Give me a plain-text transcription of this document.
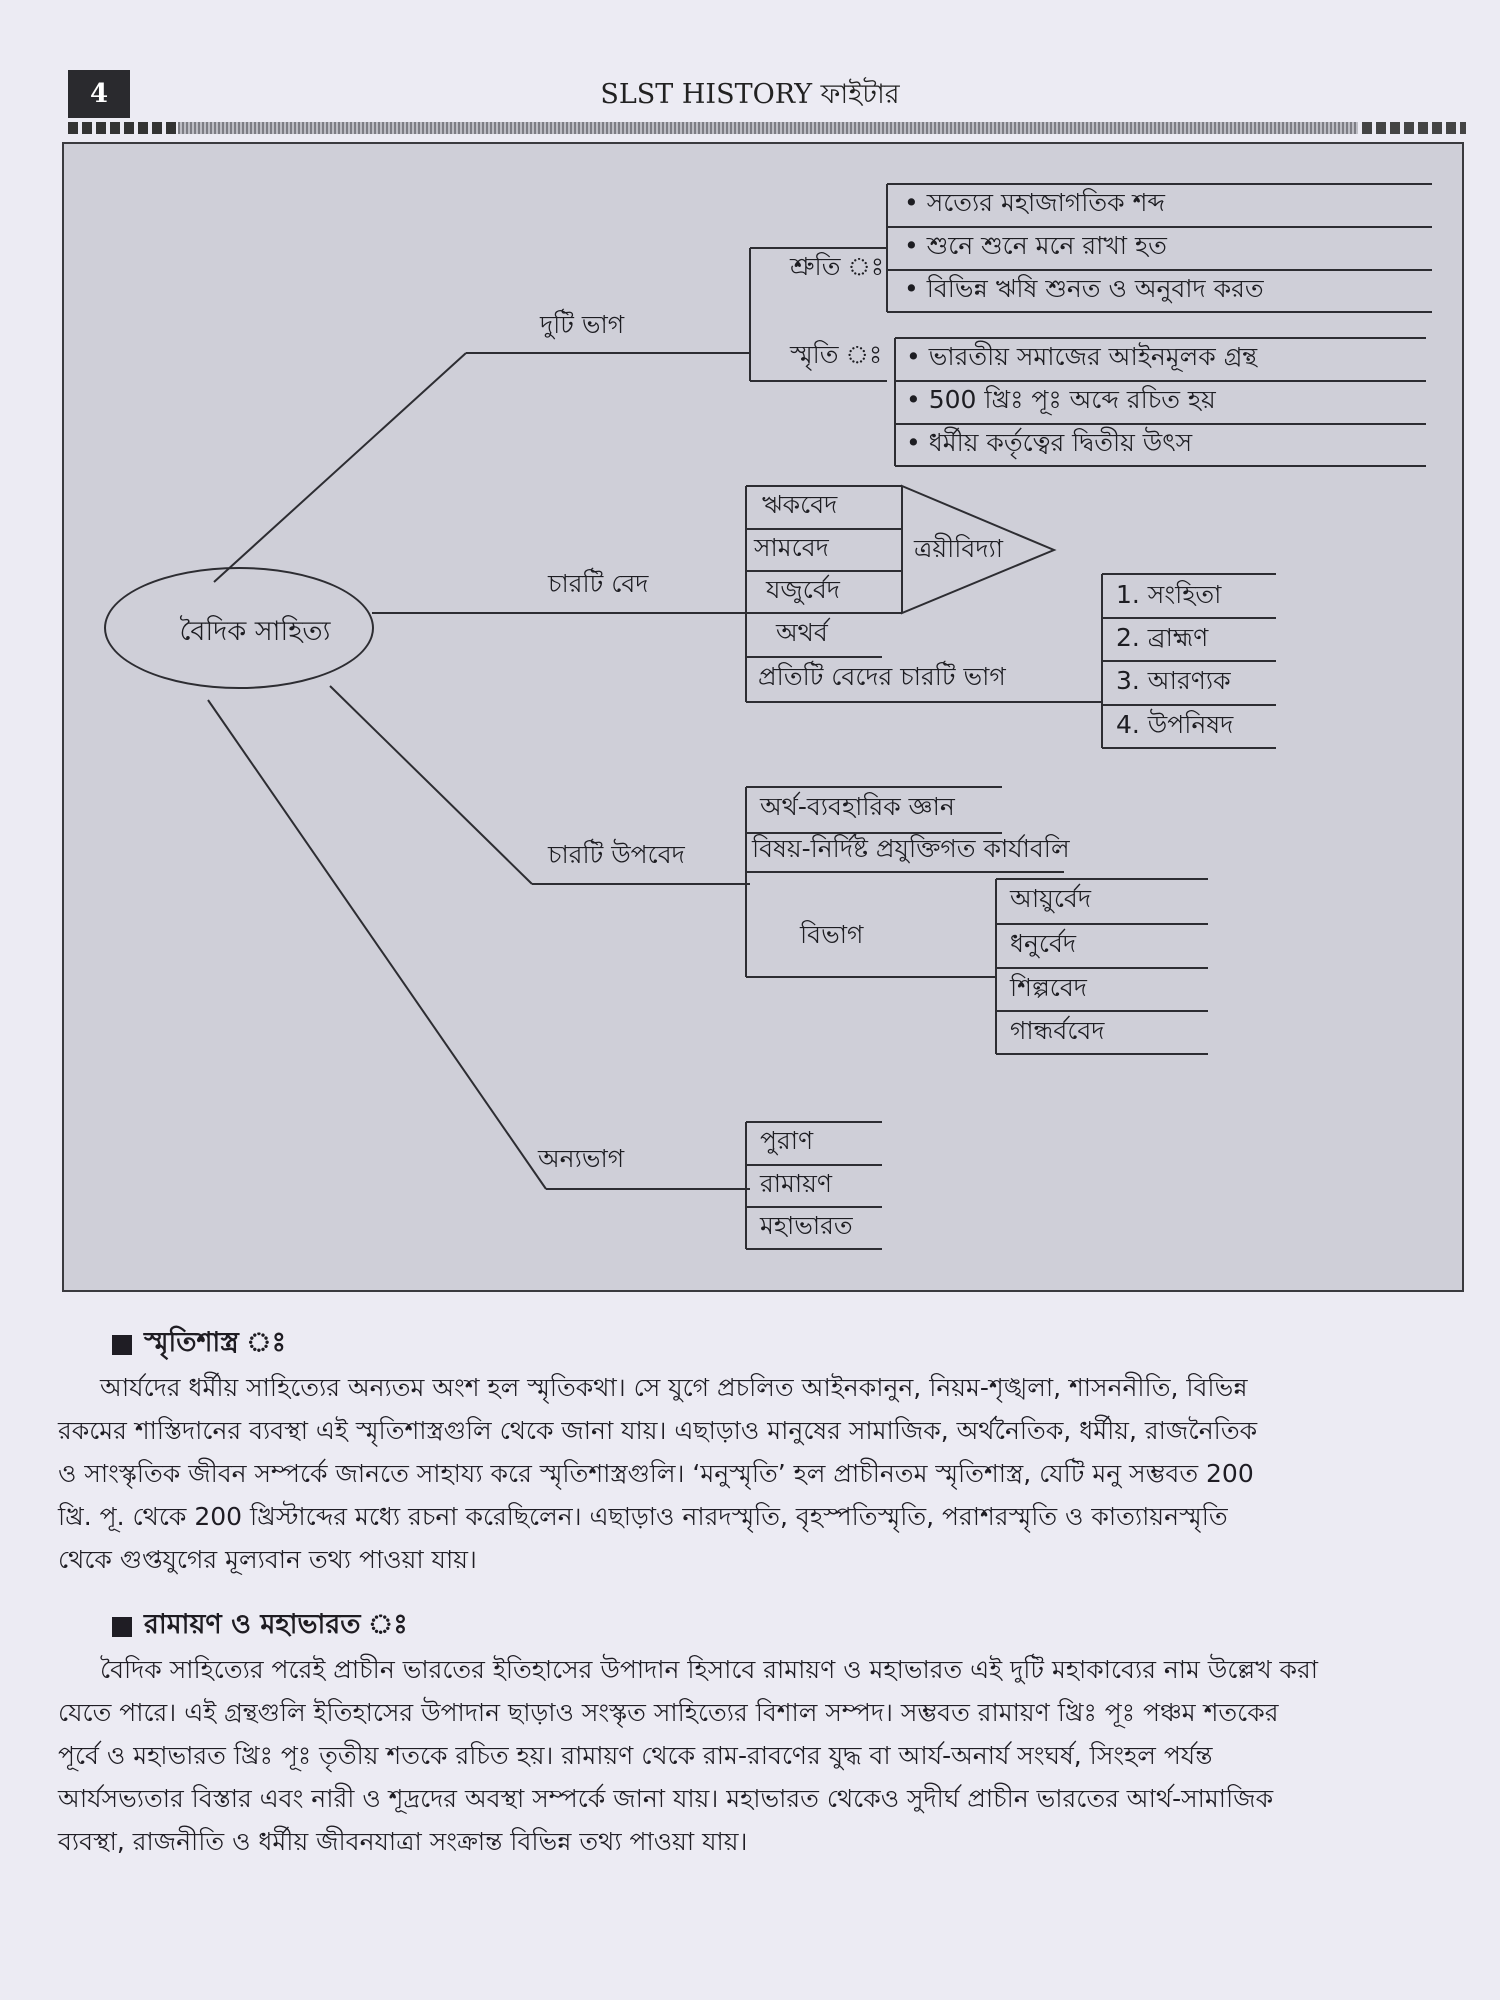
4	SLST HISTORY ফাইটার
বৈদিক সাহিত্য
দুটি ভাগ
শ্রুতি ঃ
• সত্যের মহাজাগতিক শব্দ
• শুনে শুনে মনে রাখা হত
• বিভিন্ন ঋষি শুনত ও অনুবাদ করত
স্মৃতি ঃ • ভারতীয় সমাজের আইনমূলক গ্রন্থ
• 500 খ্রিঃ পূঃ অব্দে রচিত হয়
• ধর্মীয় কর্তৃত্বের দ্বিতীয় উৎস
চারটি বেদ
ঋকবেদ
সামবেদ
যজুর্বেদ
অথর্ব
ত্রয়ীবিদ্যা
প্রতিটি বেদের চারটি ভাগ
1. সংহিতা
2. ব্রাহ্মণ
3. আরণ্যক
4. উপনিষদ
চারটি উপবেদ
অর্থ-ব্যবহারিক জ্ঞান
বিষয়-নির্দিষ্ট প্রযুক্তিগত কার্যাবলি
বিভাগ
আয়ুর্বেদ
ধনুর্বেদ
শিল্পবেদ
গান্ধর্ববেদ
অন্যভাগ
পুরাণ
রামায়ণ
মহাভারত
স্মৃতিশাস্ত্র ঃ
আর্যদের ধর্মীয় সাহিত্যের অন্যতম অংশ হল স্মৃতিকথা। সে যুগে প্রচলিত আইনকানুন, নিয়ম-শৃঙ্খলা, শাসননীতি, বিভিন্ন
রকমের শাস্তিদানের ব্যবস্থা এই স্মৃতিশাস্ত্রগুলি থেকে জানা যায়। এছাড়াও মানুষের সামাজিক, অর্থনৈতিক, ধর্মীয়, রাজনৈতিক
ও সাংস্কৃতিক জীবন সম্পর্কে জানতে সাহায্য করে স্মৃতিশাস্ত্রগুলি। ‘মনুস্মৃতি’ হল প্রাচীনতম স্মৃতিশাস্ত্র, যেটি মনু সম্ভবত 200
খ্রি. পূ. থেকে 200 খ্রিস্টাব্দের মধ্যে রচনা করেছিলেন। এছাড়াও নারদস্মৃতি, বৃহস্পতিস্মৃতি, পরাশরস্মৃতি ও কাত্যায়নস্মৃতি
থেকে গুপ্তযুগের মূল্যবান তথ্য পাওয়া যায়।
রামায়ণ ও মহাভারত ঃ
বৈদিক সাহিত্যের পরেই প্রাচীন ভারতের ইতিহাসের উপাদান হিসাবে রামায়ণ ও মহাভারত এই দুটি মহাকাব্যের নাম উল্লেখ করা
যেতে পারে। এই গ্রন্থগুলি ইতিহাসের উপাদান ছাড়াও সংস্কৃত সাহিত্যের বিশাল সম্পদ। সম্ভবত রামায়ণ খ্রিঃ পূঃ পঞ্চম শতকের
পূর্বে ও মহাভারত খ্রিঃ পূঃ তৃতীয় শতকে রচিত হয়। রামায়ণ থেকে রাম-রাবণের যুদ্ধ বা আর্য-অনার্য সংঘর্ষ, সিংহল পর্যন্ত
আর্যসভ্যতার বিস্তার এবং নারী ও শূদ্রদের অবস্থা সম্পর্কে জানা যায়। মহাভারত থেকেও সুদীর্ঘ প্রাচীন ভারতের আর্থ-সামাজিক
ব্যবস্থা, রাজনীতি ও ধর্মীয় জীবনযাত্রা সংক্রান্ত বিভিন্ন তথ্য পাওয়া যায়।
